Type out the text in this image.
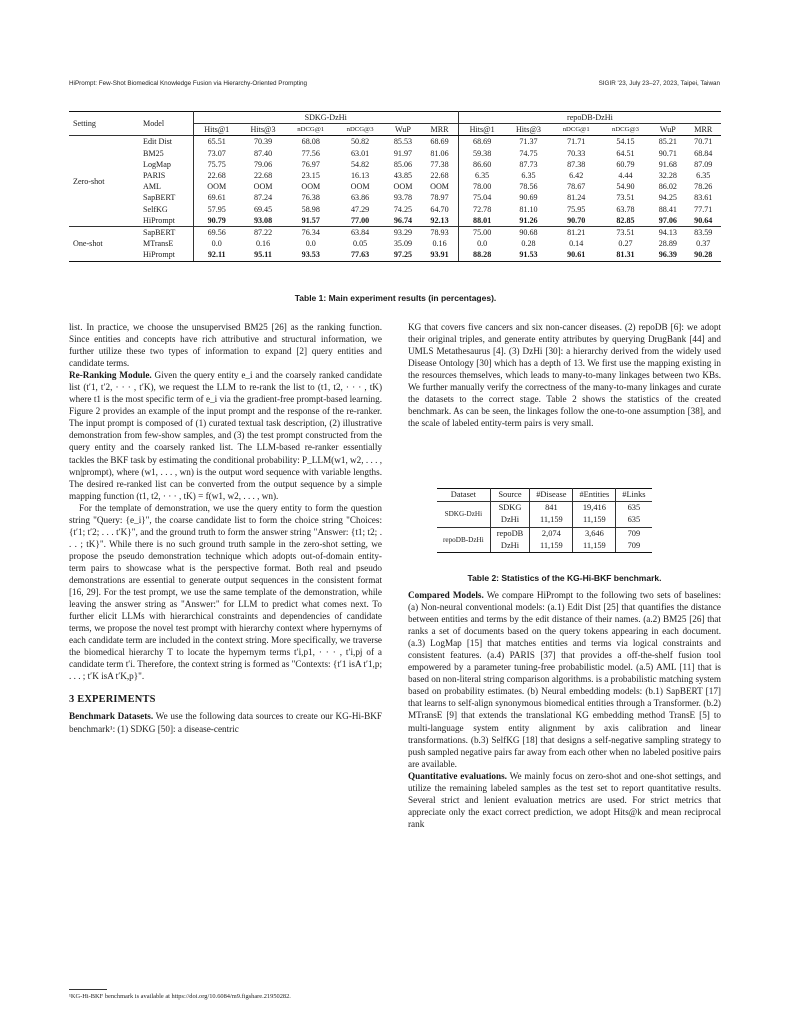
HiPrompt: Few-Shot Biomedical Knowledge Fusion via Hierarchy-Oriented Prompting	SIGIR '23, July 23–27, 2023, Taipei, Taiwan
Setting	Model	SDKG-DzHi						repoDB-DzHi					
		Hits@1	Hits@3	nDCG@1	nDCG@3	WuP	MRR	Hits@1	Hits@3	nDCG@1	nDCG@3	WuP	MRR
Zero-shot	Edit Dist	65.51	70.39	68.08	50.82	85.53	68.69	68.69	71.37	71.71	54.15	85.21	70.71
	BM25	73.07	87.40	77.56	63.01	91.97	81.06	59.38	74.75	70.33	64.51	90.71	68.84
	LogMap	75.75	79.06	76.97	54.82	85.06	77.38	86.60	87.73	87.38	60.79	91.68	87.09
	PARIS	22.68	22.68	23.15	16.13	43.85	22.68	6.35	6.35	6.42	4.44	32.28	6.35
	AML	OOM	OOM	OOM	OOM	OOM	OOM	78.00	78.56	78.67	54.90	86.02	78.26
	SapBERT	69.61	87.24	76.38	63.86	93.78	78.97	75.04	90.69	81.24	73.51	94.25	83.61
	SelfKG	57.95	69.45	58.98	47.29	74.25	64.70	72.78	81.10	75.95	63.78	88.41	77.71
	HiPrompt	90.79	93.08	91.57	77.00	96.74	92.13	88.01	91.26	90.70	82.85	97.06	90.64
One-shot	SapBERT	69.56	87.22	76.34	63.84	93.29	78.93	75.00	90.68	81.21	73.51	94.13	83.59
	MTransE	0.0	0.16	0.0	0.05	35.09	0.16	0.0	0.28	0.14	0.27	28.89	0.37
	HiPrompt	92.11	95.11	93.53	77.63	97.25	93.91	88.28	91.53	90.61	81.31	96.39	90.28
Table 1: Main experiment results (in percentages).

list. In practice, we choose the unsupervised BM25 [26] as the ranking function. Since entities and concepts have rich attributive and structural information, we further utilize these two types of information to expand [2] query entities and candidate terms.

Re-Ranking Module. Given the query entity e_i and the coarsely ranked candidate list (t′1, t′2, · · · , t′K), we request the LLM to re-rank the list to (t1, t2, · · · , tK) where t1 is the most specific term of e_i via the gradient-free prompt-based learning. Figure 2 provides an example of the input prompt and the response of the re-ranker. The input prompt is composed of (1) curated textual task description, (2) illustrative demonstration from few-show samples, and (3) the test prompt constructed from the query entity and the coarsely ranked list. The LLM-based re-ranker essentially tackles the BKF task by estimating the conditional probability: P_LLM(w1, w2, . . . , wn|prompt), where (w1, . . . , wn) is the output word sequence with variable lengths. The desired re-ranked list can be converted from the output sequence by a simple mapping function (t1, t2, · · · , tK) = f(w1, w2, . . . , wn).

For the template of demonstration, we use the query entity to form the question string "Query: {e_i}", the coarse candidate list to form the choice string "Choices: {t′1; t′2; . . . t′K}", and the ground truth to form the answer string "Answer: {t1; t2; . . . ; tK}". While there is no such ground truth sample in the zero-shot setting, we propose the pseudo demonstration technique which adopts out-of-domain entity-term pairs to showcase what is the perspective format. Both real and pseudo demonstrations are essential to generate output sequences in the consistent format [16, 29]. For the test prompt, we use the same template of the demonstration, while leaving the answer string as "Answer:" for LLM to predict what comes next. To further elicit LLMs with hierarchical constraints and dependencies of candidate terms, we propose the novel test prompt with hierarchy context where hypernyms of each candidate term are included in the context string. More specifically, we traverse the biomedical hierarchy T to locate the hypernym terms t′i,p1, · · · , t′i,pj of a candidate term t′i. Therefore, the context string is formed as "Contexts: {t′1 isA t′1,p; . . . ; t′K isA t′K,p}".

3 EXPERIMENTS

Benchmark Datasets. We use the following data sources to create our KG-Hi-BKF benchmark¹: (1) SDKG [50]: a disease-centric

¹KG-Hi-BKF benchmark is available at https://doi.org/10.6084/m9.figshare.21950282.

KG that covers five cancers and six non-cancer diseases. (2) repoDB [6]: we adopt their original triples, and generate entity attributes by querying DrugBank [44] and UMLS Metathesaurus [4]. (3) DzHi [30]: a hierarchy derived from the widely used Disease Ontology [30] which has a depth of 13. We first use the mapping existing in the resources themselves, which leads to many-to-many linkages between two KBs. We further manually verify the correctness of the many-to-many linkages and curate the datasets to the correct stage. Table 2 shows the statistics of the created benchmark. As can be seen, the linkages follow the one-to-one assumption [38], and the scale of labeled entity-term pairs is very small.

Dataset	Source	#Disease	#Entities	#Links
SDKG-DzHi	SDKG	841	19,416	635
	DzHi	11,159	11,159	635
repoDB-DzHi	repoDB	2,074	3,646	709
	DzHi	11,159	11,159	709
Table 2: Statistics of the KG-Hi-BKF benchmark.

Compared Models. We compare HiPrompt to the following two sets of baselines: (a) Non-neural conventional models: (a.1) Edit Dist [25] that quantifies the distance between entities and terms by the edit distance of their names. (a.2) BM25 [26] that ranks a set of documents based on the query tokens appearing in each document. (a.3) LogMap [15] that matches entities and terms via logical constraints and consistent features. (a.4) PARIS [37] that provides a off-the-shelf fusion tool empowered by a parameter tuning-free probabilistic model. (a.5) AML [11] that is based on non-literal string comparison algorithms. is a probabilistic matching system based on probability estimates. (b) Neural embedding models: (b.1) SapBERT [17] that learns to self-align synonymous biomedical entities through a Transformer. (b.2) MTransE [9] that extends the translational KG embedding method TransE [5] to multi-language system entity alignment by axis calibration and linear transformations. (b.3) SelfKG [18] that designs a self-negative sampling strategy to push sampled negative pairs far away from each other when no labeled positive pairs are available.

Quantitative evaluations. We mainly focus on zero-shot and one-shot settings, and utilize the remaining labeled samples as the test set to report quantitative results. Several strict and lenient evaluation metrics are used. For strict metrics that appreciate only the exact correct prediction, we adopt Hits@k and mean reciprocal rank
